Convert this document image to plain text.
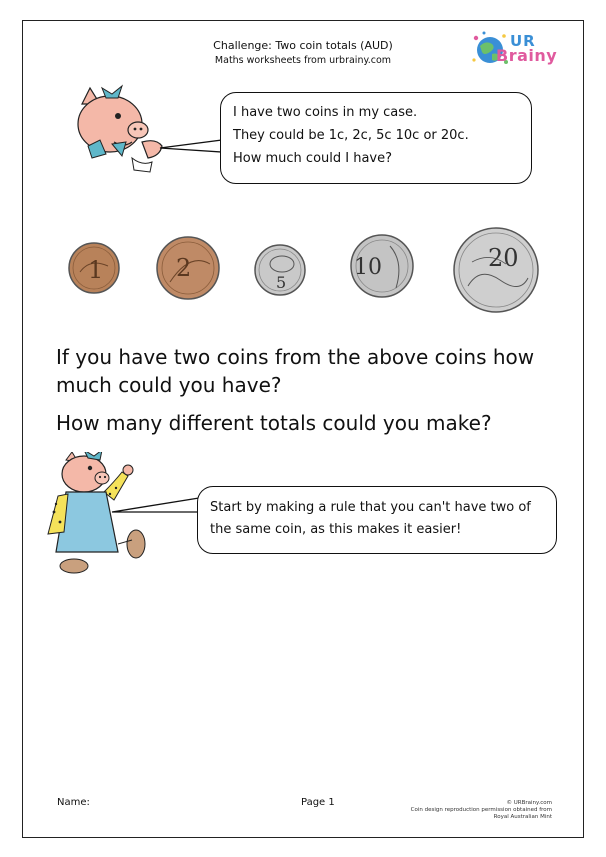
Challenge: Two coin totals (AUD)
Maths worksheets from urbrainy.com
UR
Brainy
I have two coins in my case.
They could be 1c, 2c, 5c 10c or 20c.
How much could I have?
1	2
5
10	20
If you have two coins from the above coins how much could you have?
How many different totals could you make?
Start by making a rule that you can't have two of the same coin, as this makes it easier!
Name:	Page 1	© URBrainy.com
Coin design reproduction permission obtained from Royal Australian Mint
